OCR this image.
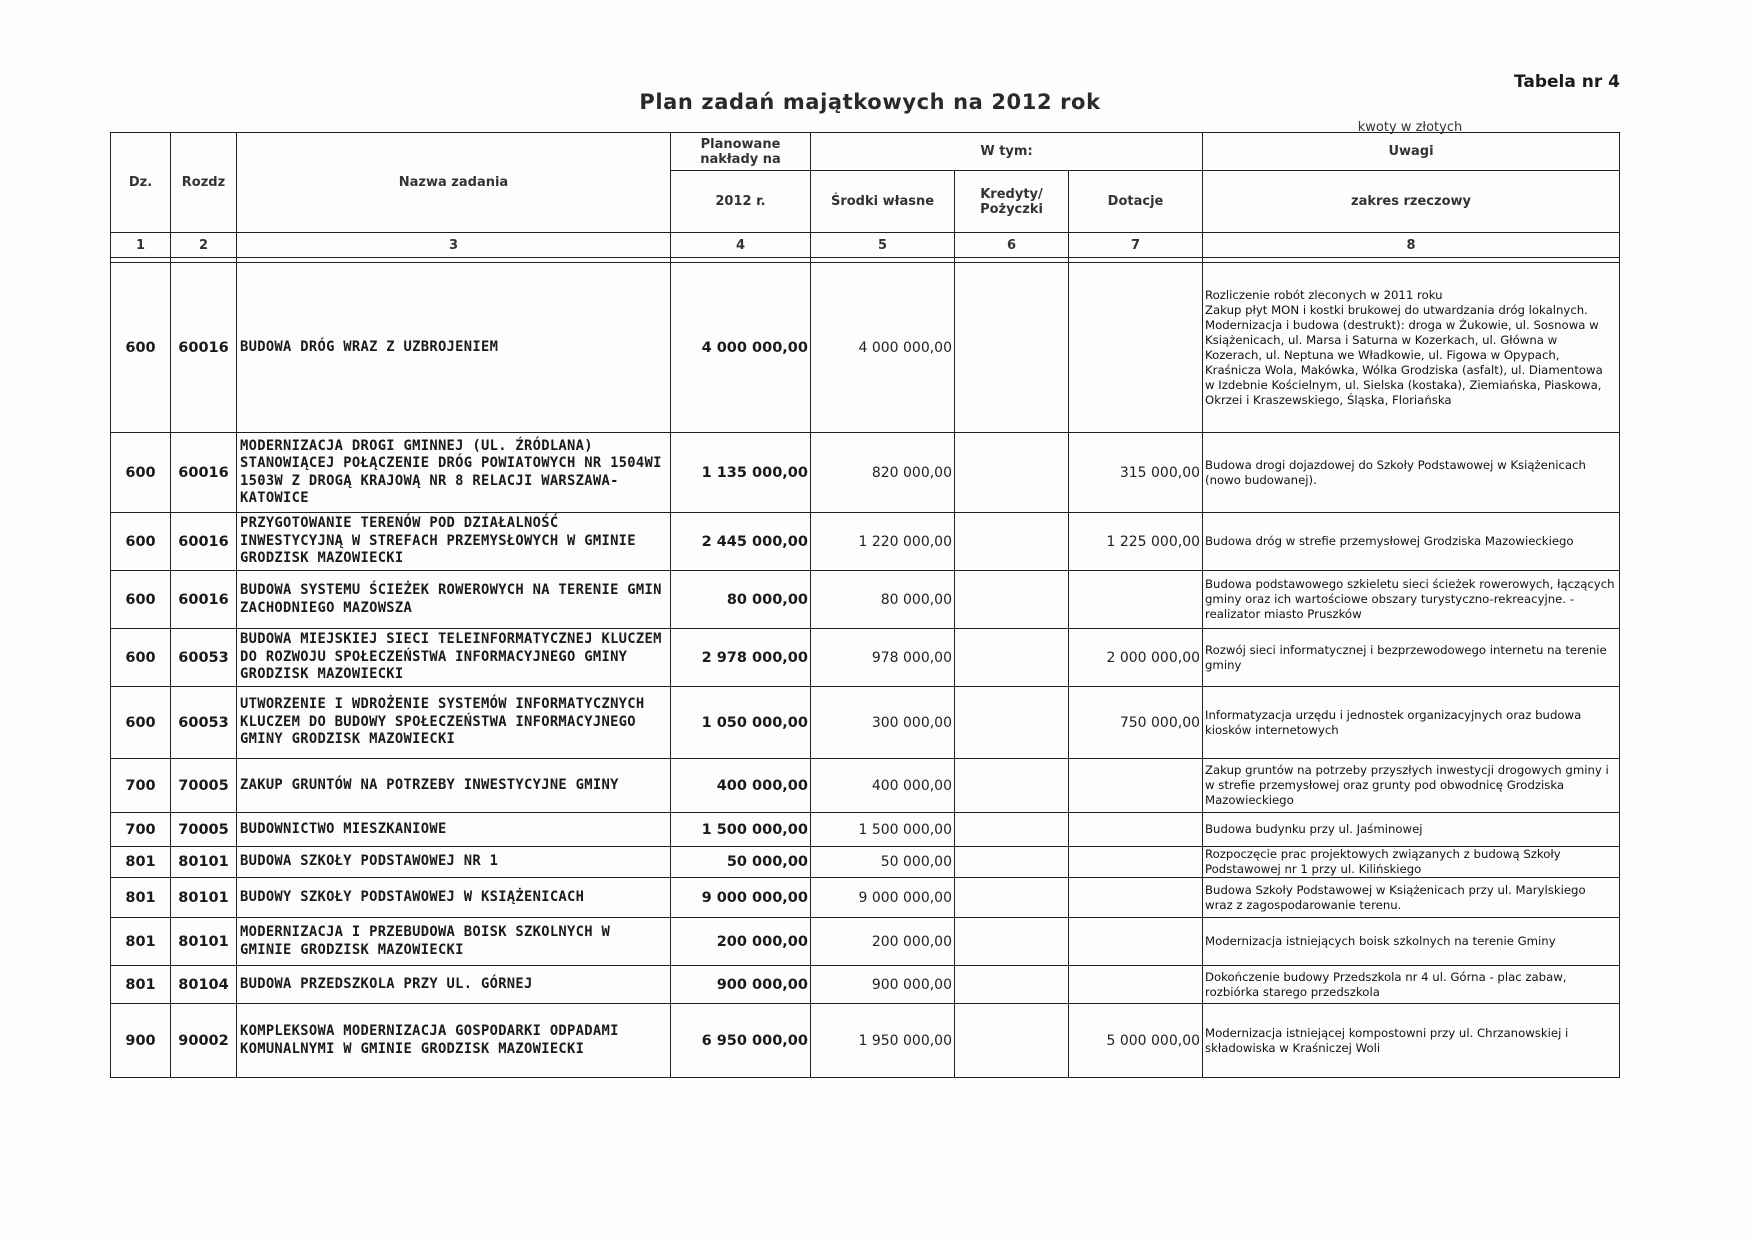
Tabela nr 4
Plan zadań majątkowych na 2012 rok
kwoty w złotych
Dz.	Rozdz	Nazwa zadania	Planowane nakłady na	W tym:			Uwagi
			2012 r.	Środki własne	Kredyty/ Pożyczki	Dotacje	zakres rzeczowy
1	2	3	4	5	6	7	8

600	60016	BUDOWA DRÓG WRAZ Z UZBROJENIEM	4 000 000,00	4 000 000,00			Rozliczenie robót zleconych w 2011 roku
Zakup płyt MON i kostki brukowej do utwardzania dróg lokalnych.
Modernizacja i budowa (destrukt): droga w Żukowie, ul. Sosnowa w Książenicach, ul. Marsa i Saturna w Kozerkach, ul. Główna w Kozerach, ul. Neptuna we Władkowie, ul. Figowa w Opypach, Kraśnicza Wola, Makówka, Wólka Grodziska (asfalt), ul. Diamentowa w Izdebnie Kościelnym, ul. Sielska (kostaka), Ziemiańska, Piaskowa, Okrzei i Kraszewskiego, Śląska, Floriańska
600	60016	MODERNIZACJA DROGI GMINNEJ (UL. ŹRÓDLANA) STANOWIĄCEJ POŁĄCZENIE DRÓG POWIATOWYCH NR 1504WI 1503W Z DROGĄ KRAJOWĄ NR 8 RELACJI WARSZAWA- KATOWICE	1 135 000,00	820 000,00		315 000,00	Budowa drogi dojazdowej do Szkoły Podstawowej w Książenicach (nowo budowanej).
600	60016	PRZYGOTOWANIE TERENÓW POD DZIAŁALNOŚĆ INWESTYCYJNĄ W STREFACH PRZEMYSŁOWYCH W GMINIE GRODZISK MAZOWIECKI	2 445 000,00	1 220 000,00		1 225 000,00	Budowa dróg w strefie przemysłowej Grodziska Mazowieckiego
600	60016	BUDOWA SYSTEMU ŚCIEŻEK ROWEROWYCH NA TERENIE GMIN ZACHODNIEGO MAZOWSZA	80 000,00	80 000,00			Budowa podstawowego szkieletu sieci ścieżek rowerowych, łączących gminy oraz ich wartościowe obszary turystyczno-rekreacyjne. - realizator miasto Pruszków
600	60053	BUDOWA MIEJSKIEJ SIECI TELEINFORMATYCZNEJ KLUCZEM DO ROZWOJU SPOŁECZEŃSTWA INFORMACYJNEGO GMINY GRODZISK MAZOWIECKI	2 978 000,00	978 000,00		2 000 000,00	Rozwój sieci informatycznej i bezprzewodowego internetu na terenie gminy
600	60053	UTWORZENIE I WDROŻENIE SYSTEMÓW INFORMATYCZNYCH KLUCZEM DO BUDOWY SPOŁECZEŃSTWA INFORMACYJNEGO GMINY GRODZISK MAZOWIECKI	1 050 000,00	300 000,00		750 000,00	Informatyzacja urzędu i jednostek organizacyjnych oraz budowa kiosków internetowych
700	70005	ZAKUP GRUNTÓW NA POTRZEBY INWESTYCYJNE GMINY	400 000,00	400 000,00			Zakup gruntów na potrzeby przyszłych inwestycji drogowych gminy i w strefie przemysłowej oraz grunty pod obwodnicę Grodziska Mazowieckiego
700	70005	BUDOWNICTWO MIESZKANIOWE	1 500 000,00	1 500 000,00			Budowa budynku przy ul. Jaśminowej
801	80101	BUDOWA SZKOŁY PODSTAWOWEJ NR 1	50 000,00	50 000,00			Rozpoczęcie prac projektowych związanych z budową Szkoły Podstawowej nr 1 przy ul. Kilińskiego
801	80101	BUDOWY SZKOŁY PODSTAWOWEJ W KSIĄŻENICACH	9 000 000,00	9 000 000,00			Budowa Szkoły Podstawowej w Książenicach przy ul. Marylskiego wraz z zagospodarowanie terenu.
801	80101	MODERNIZACJA I PRZEBUDOWA BOISK SZKOLNYCH W GMINIE GRODZISK MAZOWIECKI	200 000,00	200 000,00			Modernizacja istniejących boisk szkolnych na terenie Gminy
801	80104	BUDOWA PRZEDSZKOLA PRZY UL. GÓRNEJ	900 000,00	900 000,00			Dokończenie budowy Przedszkola nr 4 ul. Górna - plac zabaw, rozbiórka starego przedszkola
900	90002	KOMPLEKSOWA MODERNIZACJA GOSPODARKI ODPADAMI KOMUNALNYMI W GMINIE GRODZISK MAZOWIECKI	6 950 000,00	1 950 000,00		5 000 000,00	Modernizacja istniejącej kompostowni przy ul. Chrzanowskiej i składowiska w Kraśniczej Woli
